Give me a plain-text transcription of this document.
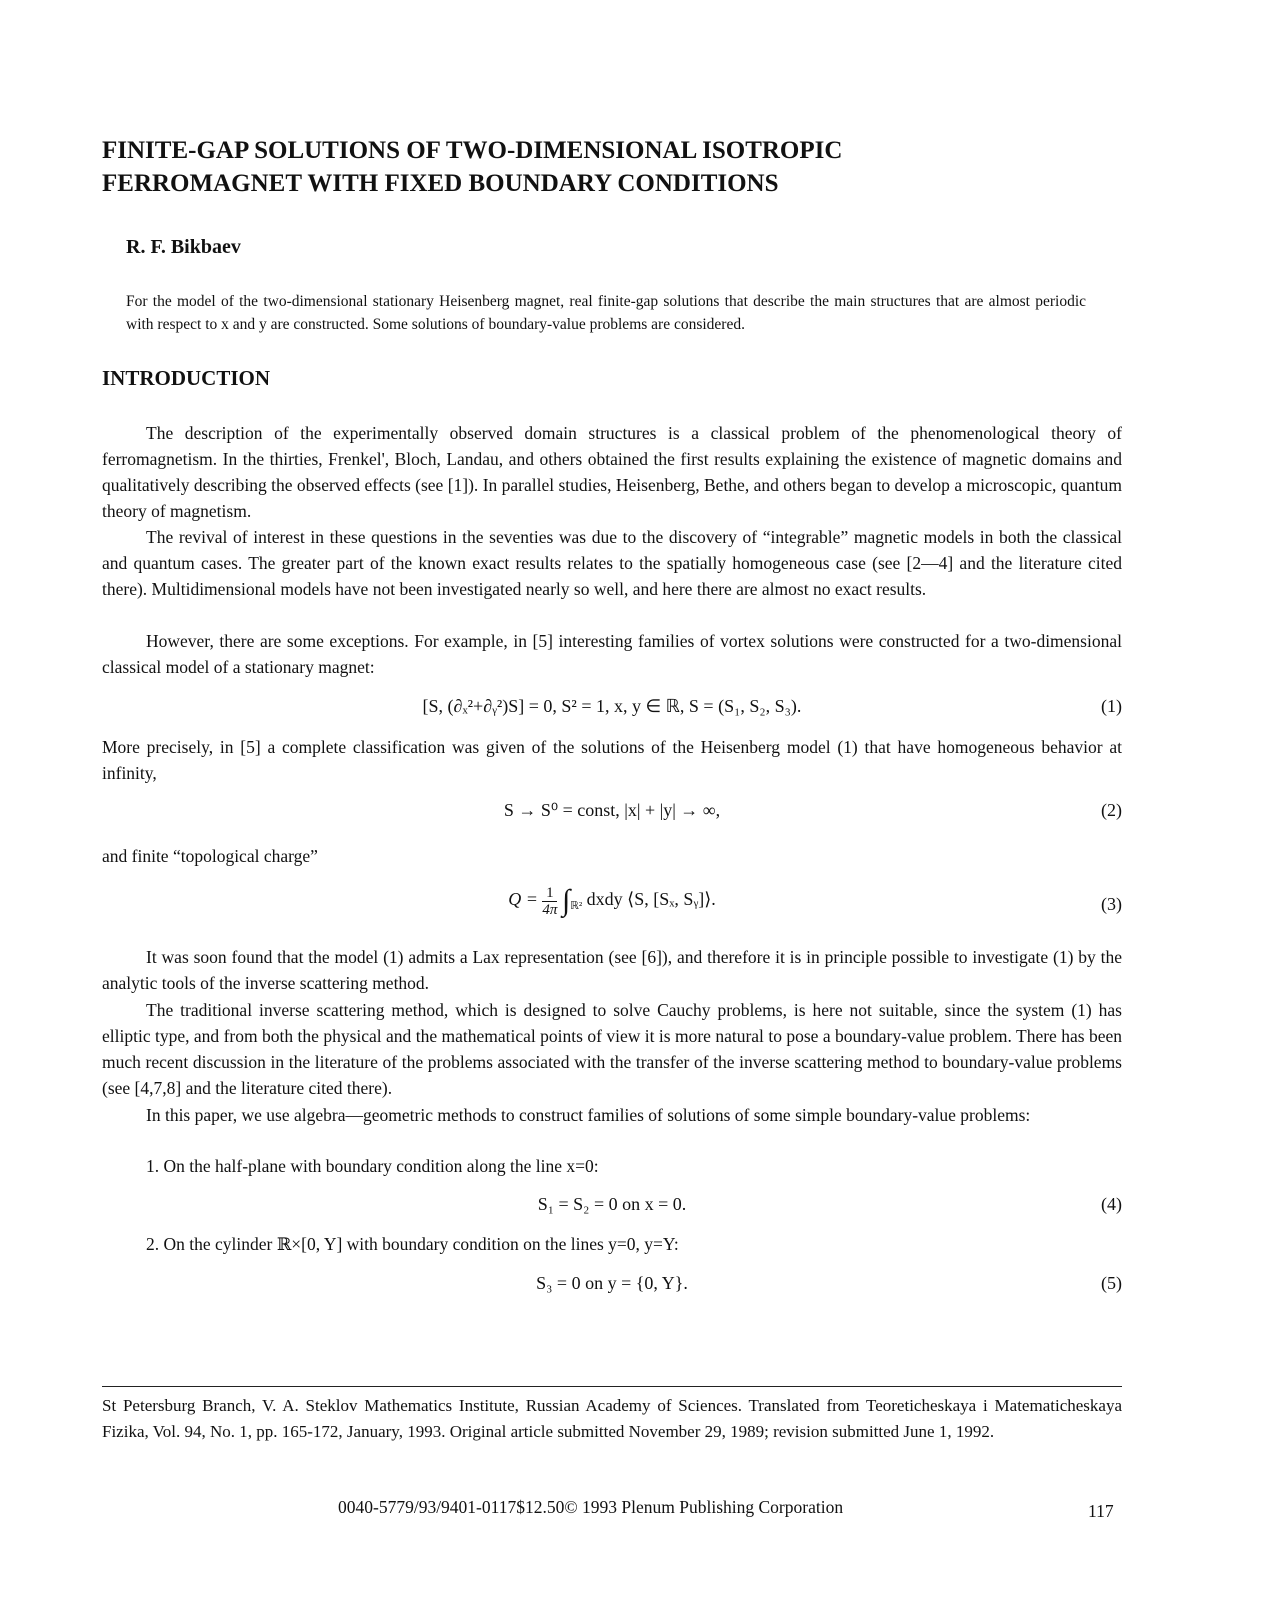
FINITE-GAP SOLUTIONS OF TWO-DIMENSIONAL ISOTROPIC
FERROMAGNET WITH FIXED BOUNDARY CONDITIONS
R. F. Bikbaev
For the model of the two-dimensional stationary Heisenberg magnet, real finite-gap solutions that describe the main structures that are almost periodic with respect to x and y are constructed. Some solutions of boundary-value problems are considered.
INTRODUCTION

The description of the experimentally observed domain structures is a classical problem of the phenomenological theory of ferromagnetism. In the thirties, Frenkel', Bloch, Landau, and others obtained the first results explaining the existence of magnetic domains and qualitatively describing the observed effects (see [1]). In parallel studies, Heisenberg, Bethe, and others began to develop a microscopic, quantum theory of magnetism.

The revival of interest in these questions in the seventies was due to the discovery of “integrable” magnetic models in both the classical and quantum cases. The greater part of the known exact results relates to the spatially homogeneous case (see [2—4] and the literature cited there). Multidimensional models have not been investigated nearly so well, and here there are almost no exact results.

However, there are some exceptions. For example, in [5] interesting families of vortex solutions were constructed for a two-dimensional classical model of a stationary magnet:

[S, (∂ₓ²+∂ᵧ²)S] = 0, S² = 1, x, y ∈ ℝ, S = (S₁, S₂, S₃).	(1)

More precisely, in [5] a complete classification was given of the solutions of the Heisenberg model (1) that have homogeneous behavior at infinity,

S → S⁰ = const, |x| + |y| → ∞,	(2)

and finite “topological charge”

$Q = \frac{1}{4\pi} \int_{ℝ^2}$ dxdy ⟨S, [Sₓ, Sᵧ]⟩.	(3)

It was soon found that the model (1) admits a Lax representation (see [6]), and therefore it is in principle possible to investigate (1) by the analytic tools of the inverse scattering method.

The traditional inverse scattering method, which is designed to solve Cauchy problems, is here not suitable, since the system (1) has elliptic type, and from both the physical and the mathematical points of view it is more natural to pose a boundary-value problem. There has been much recent discussion in the literature of the problems associated with the transfer of the inverse scattering method to boundary-value problems (see [4,7,8] and the literature cited there).

In this paper, we use algebra—geometric methods to construct families of solutions of some simple boundary-value problems:

1. On the half-plane with boundary condition along the line x=0:
S₁ = S₂ = 0 on x = 0.	(4)
2. On the cylinder ℝ×[0, Y] with boundary condition on the lines y=0, y=Y:
S₃ = 0 on y = {0, Y}.	(5)
St Petersburg Branch, V. A. Steklov Mathematics Institute, Russian Academy of Sciences. Translated from Teoreticheskaya i Matematicheskaya Fizika, Vol. 94, No. 1, pp. 165-172, January, 1993. Original article submitted November 29, 1989; revision submitted June 1, 1992.
0040-5779/93/9401-0117$12.50© 1993 Plenum Publishing Corporation	117
